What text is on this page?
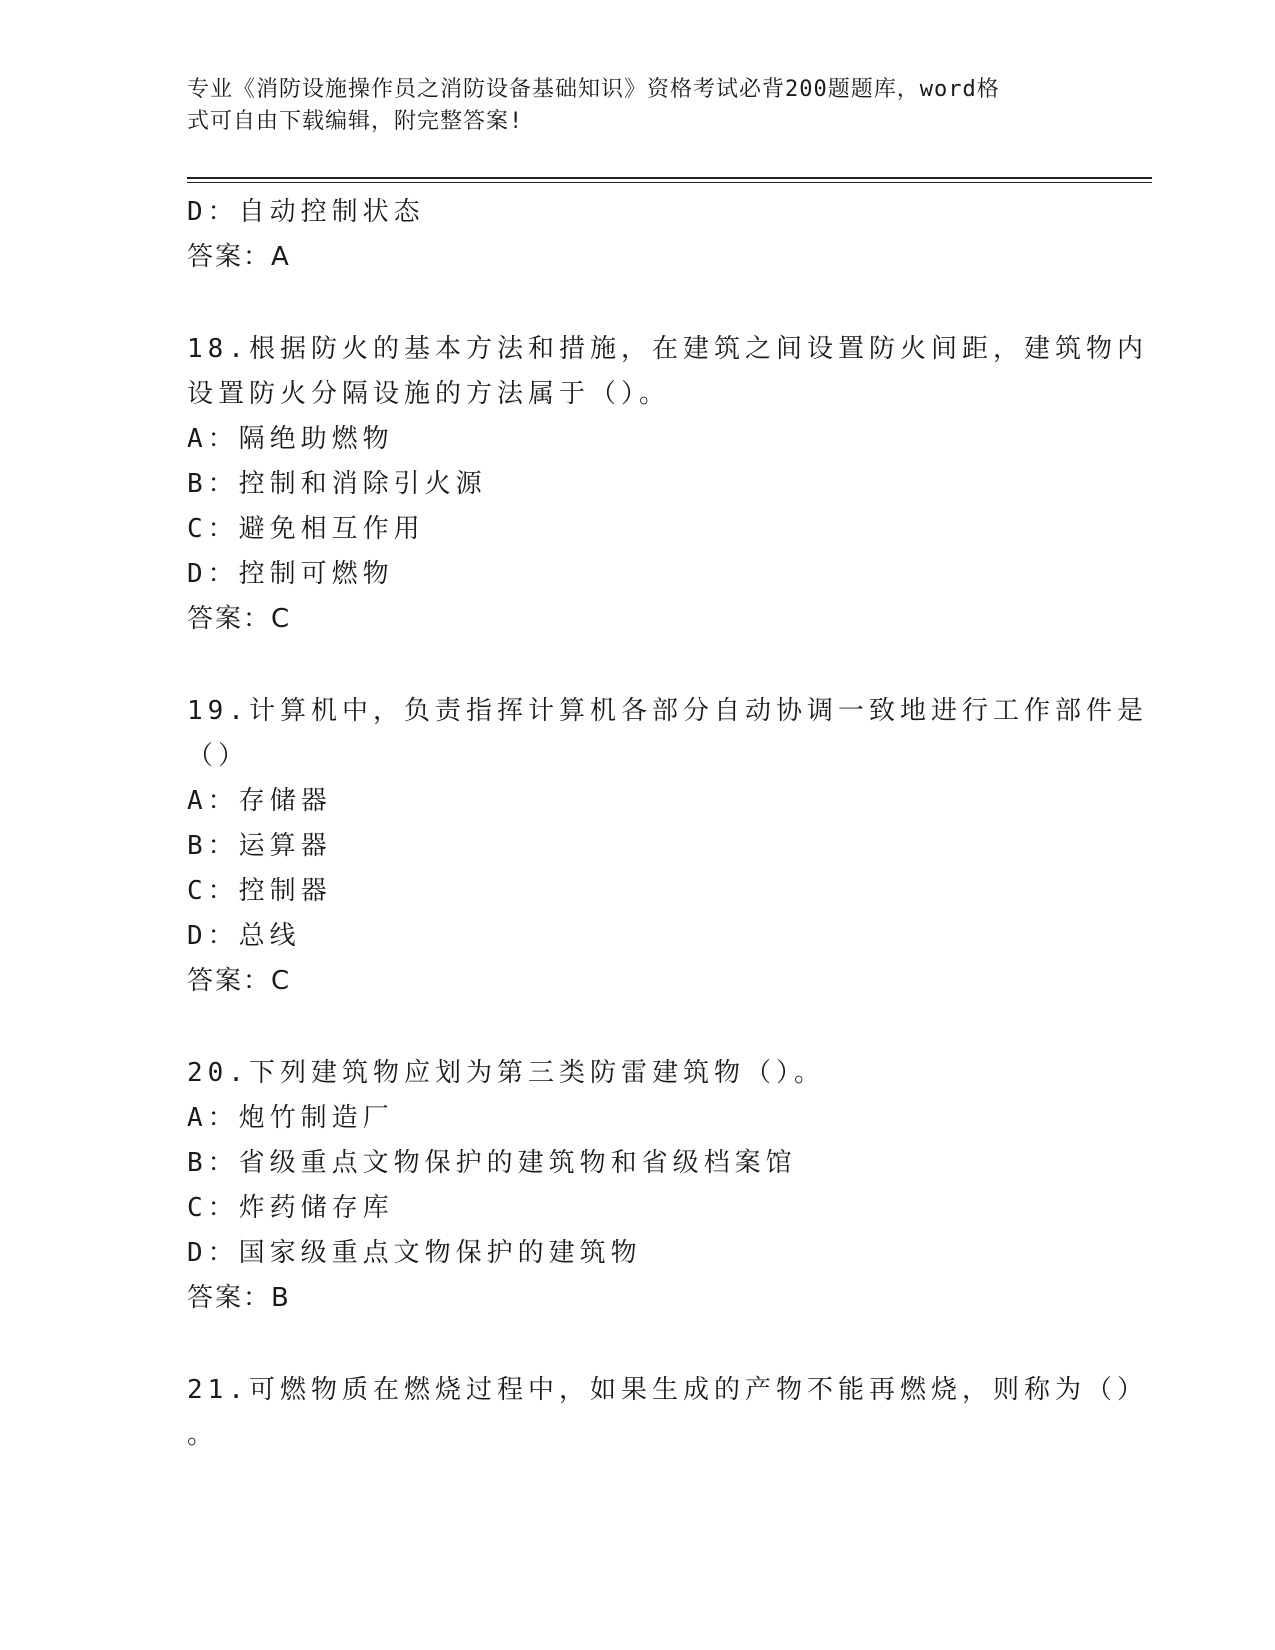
专业《消防设施操作员之消防设备基础知识》资格考试必背200题题库，word格
式可自由下载编辑，附完整答案!
D：自动控制状态
答案：A
18.根据防火的基本方法和措施，在建筑之间设置防火间距，建筑物内
设置防火分隔设施的方法属于（）。
A：隔绝助燃物
B：控制和消除引火源
C：避免相互作用
D：控制可燃物
答案：C
19.计算机中，负责指挥计算机各部分自动协调一致地进行工作部件是
（）
A：存储器
B：运算器
C：控制器
D：总线
答案：C
20.下列建筑物应划为第三类防雷建筑物（）。
A：炮竹制造厂
B：省级重点文物保护的建筑物和省级档案馆
C：炸药储存库
D：国家级重点文物保护的建筑物
答案：B
21.可燃物质在燃烧过程中，如果生成的产物不能再燃烧，则称为（）
。
